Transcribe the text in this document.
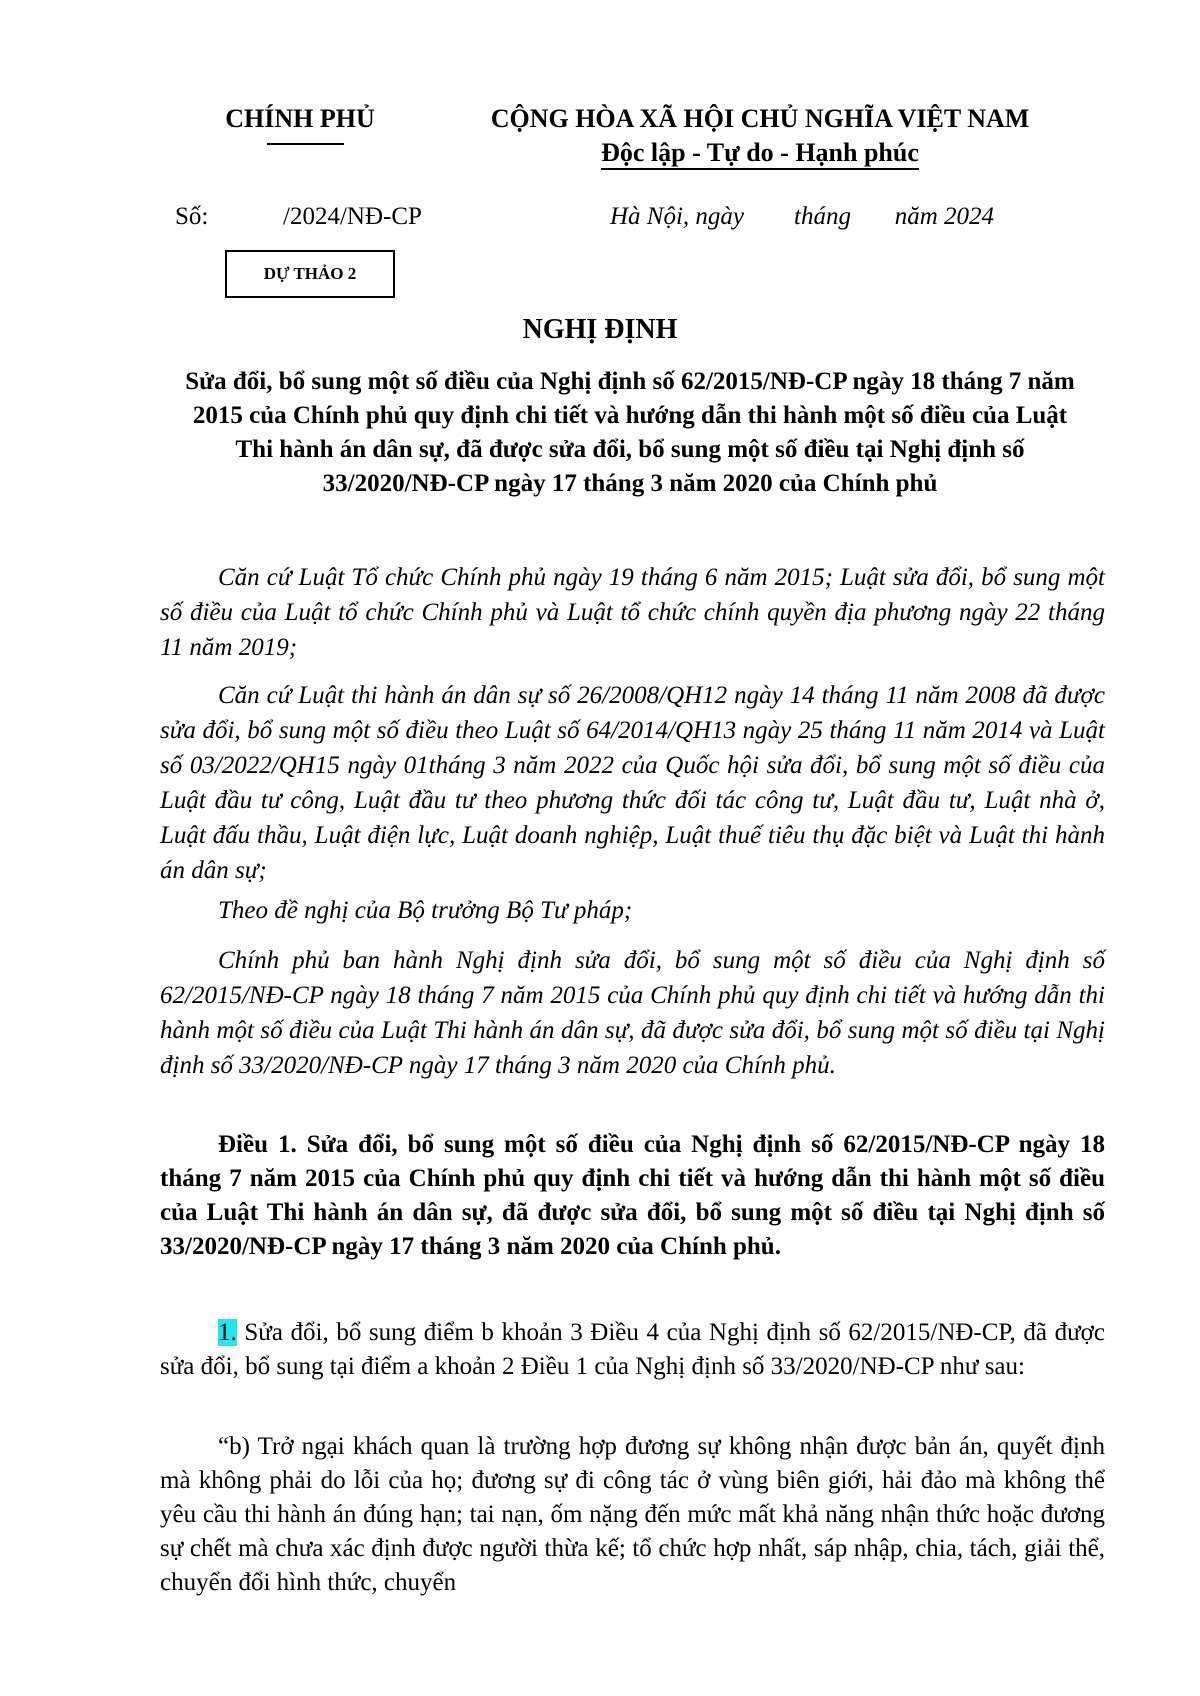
CHÍNH PHỦ	CỘNG HÒA XÃ HỘI CHỦ NGHĨA VIỆT NAM
Độc lập - Tự do - Hạnh phúc
Số:	/2024/NĐ-CP	Hà Nội, ngày        tháng       năm 2024
DỰ THẢO 2
NGHỊ ĐỊNH
Sửa đổi, bổ sung một số điều của Nghị định số 62/2015/NĐ-CP ngày 18 tháng 7 năm 2015 của Chính phủ quy định chi tiết và hướng dẫn thi hành một số điều của Luật Thi hành án dân sự, đã được sửa đổi, bổ sung một số điều tại Nghị định số 33/2020/NĐ-CP ngày 17 tháng 3 năm 2020 của Chính phủ

Căn cứ Luật Tổ chức Chính phủ ngày 19 tháng 6 năm 2015; Luật sửa đổi, bổ sung một số điều của Luật tổ chức Chính phủ và Luật tổ chức chính quyền địa phương ngày 22 tháng 11 năm 2019;

Căn cứ Luật thi hành án dân sự số 26/2008/QH12 ngày 14 tháng 11 năm 2008 đã được sửa đổi, bổ sung một số điều theo Luật số 64/2014/QH13 ngày 25 tháng 11 năm 2014 và Luật số 03/2022/QH15 ngày 01tháng 3 năm 2022 của Quốc hội sửa đổi, bổ sung một số điều của Luật đầu tư công, Luật đầu tư theo phương thức đối tác công tư, Luật đầu tư, Luật nhà ở, Luật đấu thầu, Luật điện lực, Luật doanh nghiệp, Luật thuế tiêu thụ đặc biệt và Luật thi hành án dân sự;

Theo đề nghị của Bộ trưởng Bộ Tư pháp;

Chính phủ ban hành Nghị định sửa đổi, bổ sung một số điều của Nghị định số 62/2015/NĐ-CP ngày 18 tháng 7 năm 2015 của Chính phủ quy định chi tiết và hướng dẫn thi hành một số điều của Luật Thi hành án dân sự, đã được sửa đổi, bổ sung một số điều tại Nghị định số 33/2020/NĐ-CP ngày 17 tháng 3 năm 2020 của Chính phủ.

Điều 1. Sửa đổi, bổ sung một số điều của Nghị định số 62/2015/NĐ-CP ngày 18 tháng 7 năm 2015 của Chính phủ quy định chi tiết và hướng dẫn thi hành một số điều của Luật Thi hành án dân sự, đã được sửa đổi, bổ sung một số điều tại Nghị định số 33/2020/NĐ-CP ngày 17 tháng 3 năm 2020 của Chính phủ.

1. Sửa đổi, bổ sung điểm b khoản 3 Điều 4 của Nghị định số 62/2015/NĐ-CP, đã được sửa đổi, bổ sung tại điểm a khoản 2 Điều 1 của Nghị định số 33/2020/NĐ-CP như sau:

“b) Trở ngại khách quan là trường hợp đương sự không nhận được bản án, quyết định mà không phải do lỗi của họ; đương sự đi công tác ở vùng biên giới, hải đảo mà không thể yêu cầu thi hành án đúng hạn; tai nạn, ốm nặng đến mức mất khả năng nhận thức hoặc đương sự chết mà chưa xác định được người thừa kế; tổ chức hợp nhất, sáp nhập, chia, tách, giải thể, chuyển đổi hình thức, chuyển
